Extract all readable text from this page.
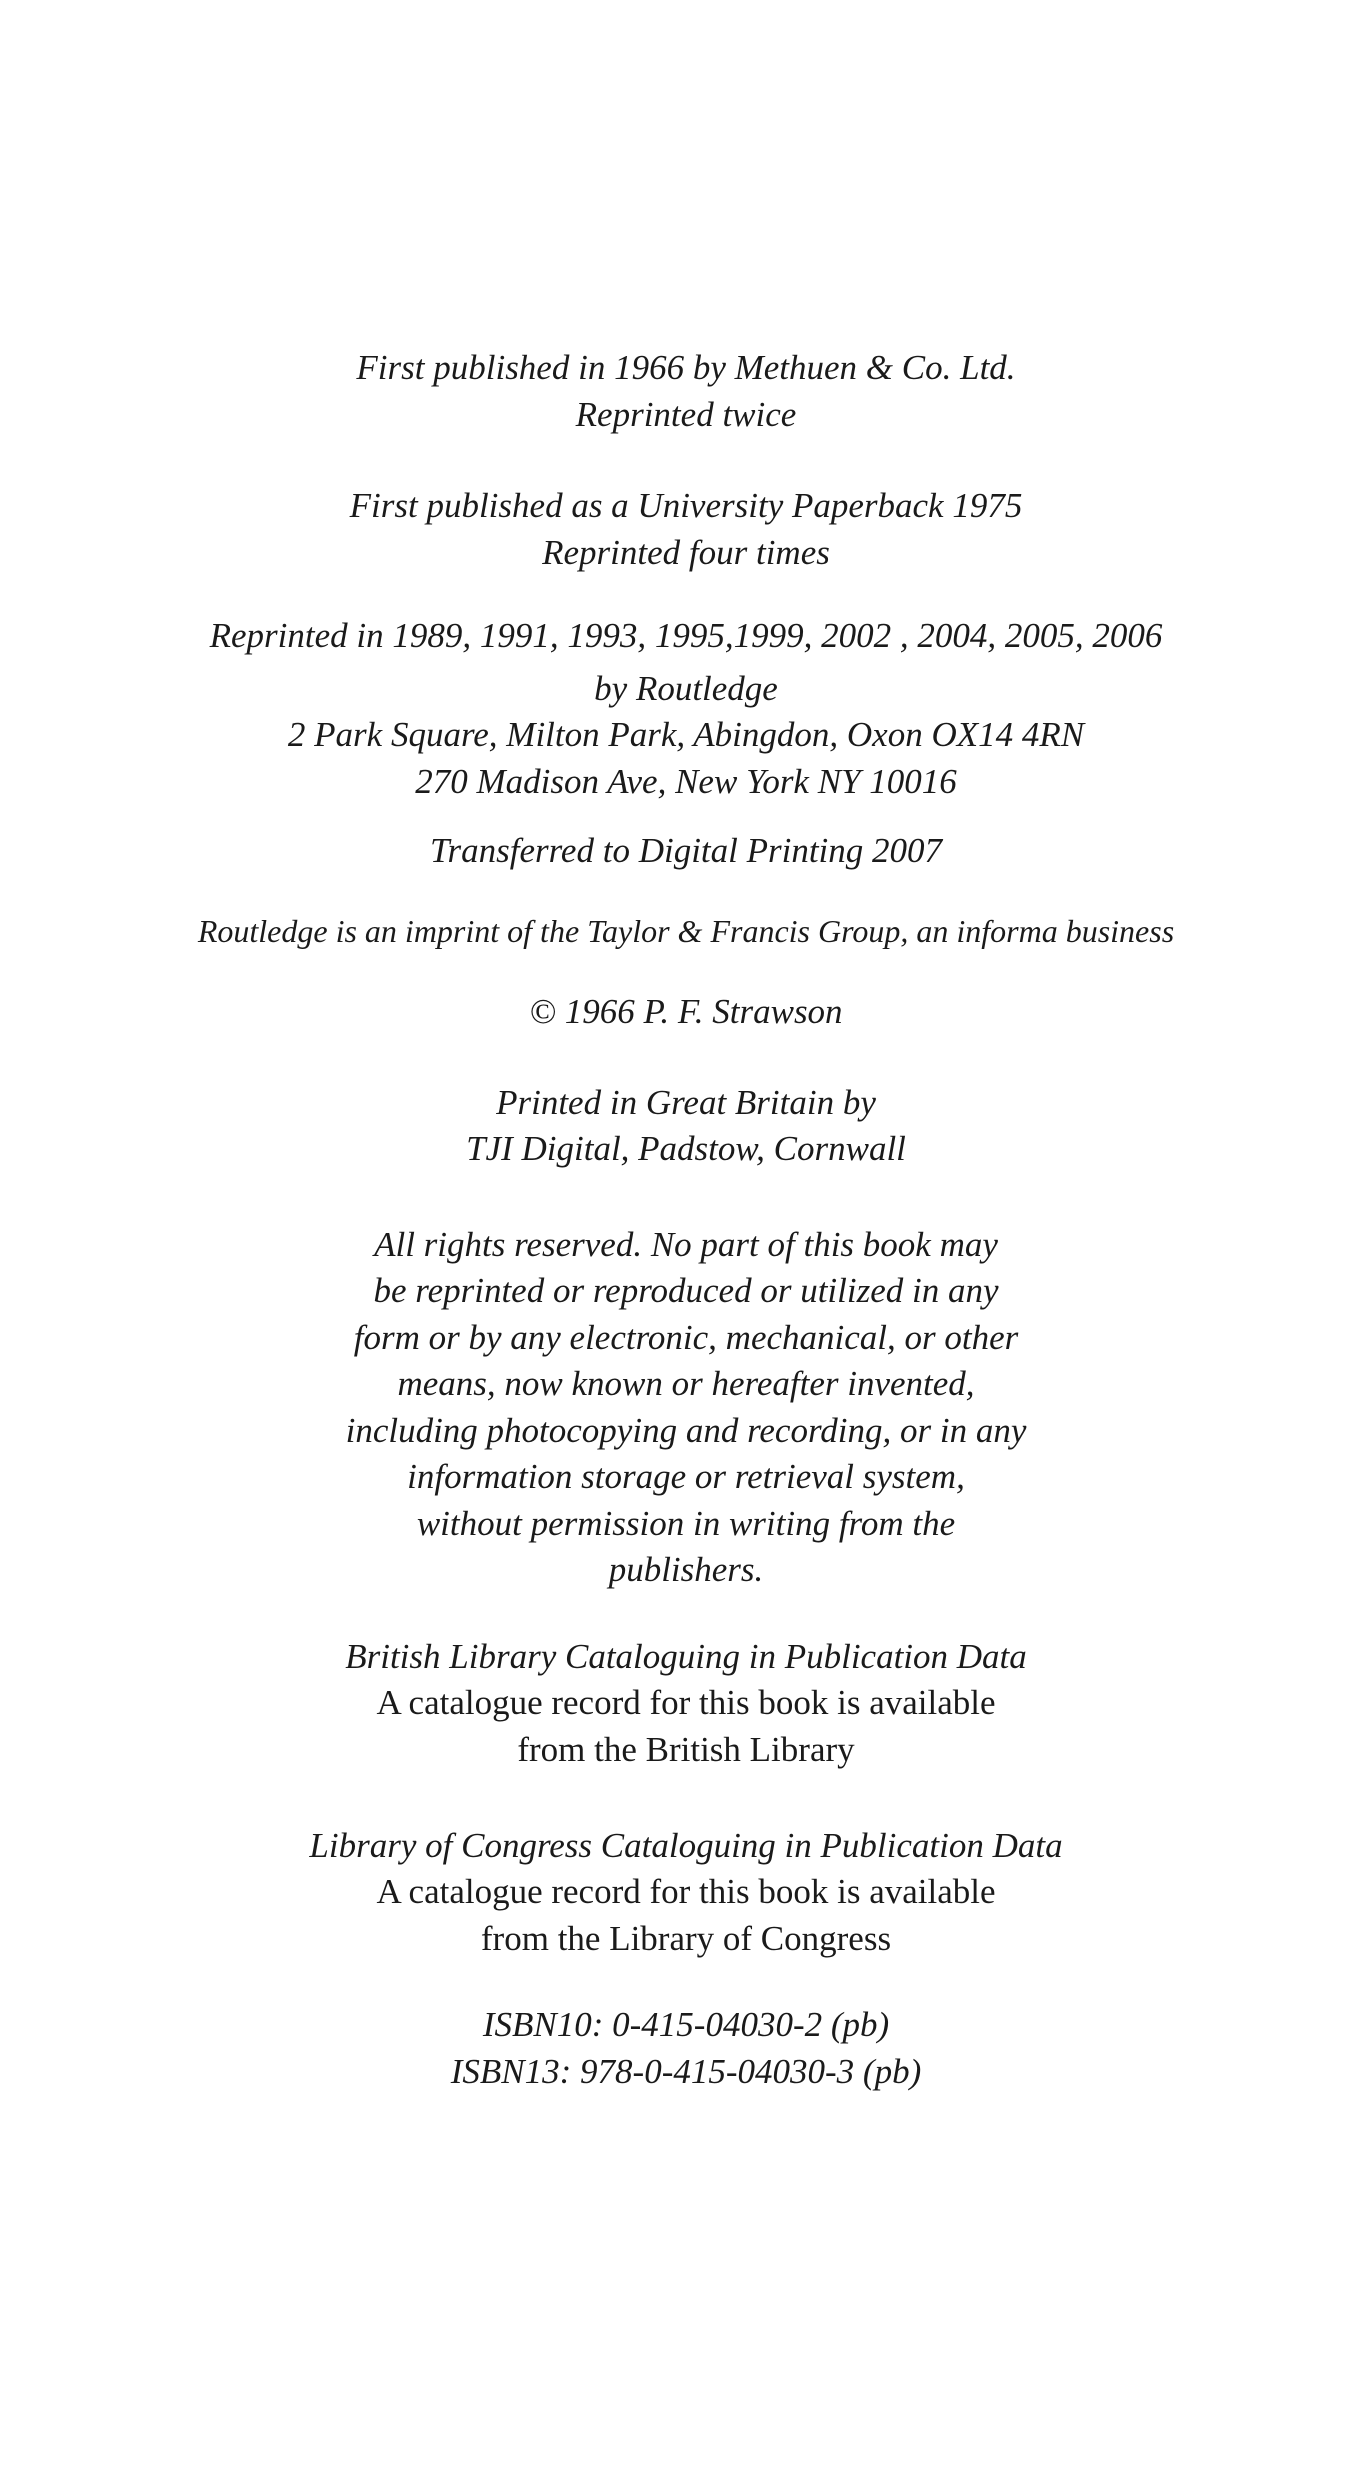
First published in 1966 by Methuen & Co. Ltd.
Reprinted twice
First published as a University Paperback 1975
Reprinted four times
Reprinted in 1989, 1991, 1993, 1995,1999, 2002 , 2004, 2005, 2006
by Routledge
2 Park Square, Milton Park, Abingdon, Oxon OX14 4RN
270 Madison Ave, New York NY 10016
Transferred to Digital Printing 2007
Routledge is an imprint of the Taylor & Francis Group, an informa business
© 1966 P. F. Strawson
Printed in Great Britain by
TJI Digital, Padstow, Cornwall
All rights reserved. No part of this book may
be reprinted or reproduced or utilized in any
form or by any electronic, mechanical, or other
means, now known or hereafter invented,
including photocopying and recording, or in any
information storage or retrieval system,
without permission in writing from the
publishers.
British Library Cataloguing in Publication Data
A catalogue record for this book is available
from the British Library
Library of Congress Cataloguing in Publication Data
A catalogue record for this book is available
from the Library of Congress
ISBN10: 0-415-04030-2 (pb)
ISBN13: 978-0-415-04030-3 (pb)
